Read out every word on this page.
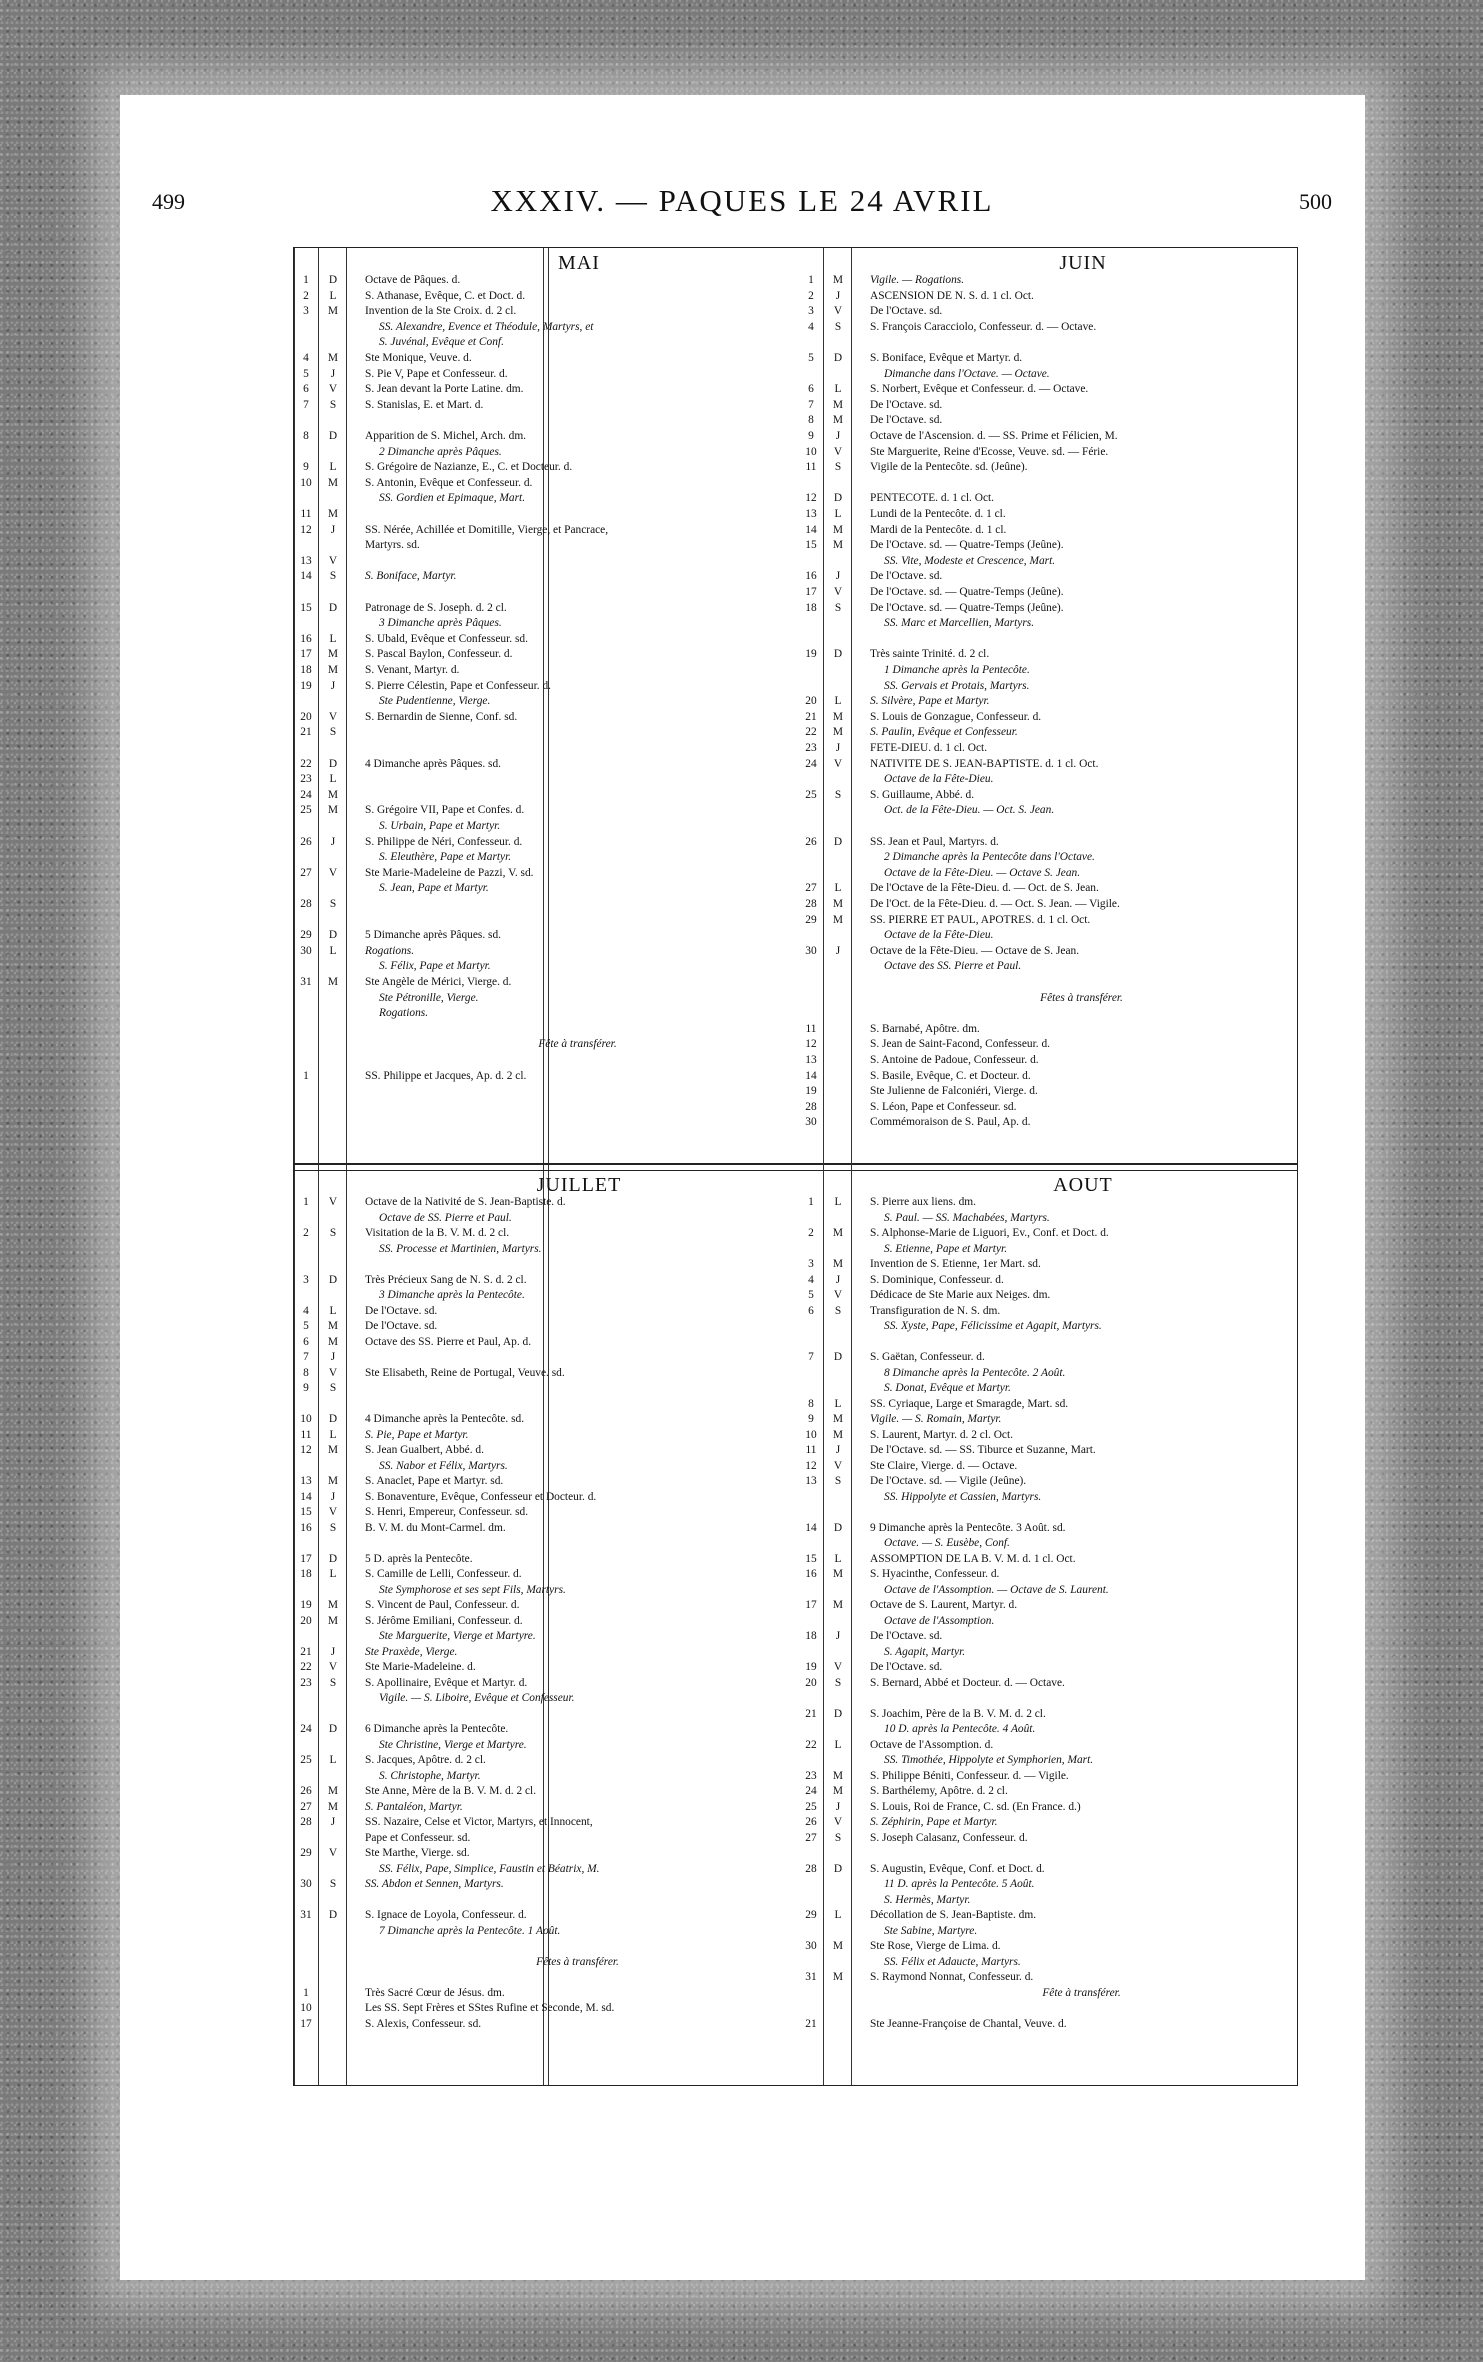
499	XXXIV. — PAQUES LE 24 AVRIL	500
MAI
1	D	Octave de Pâques. d.
2	L	S. Athanase, Évêque, C. et Doct. d.
3	M	Invention de la Ste Croix. d. 2 cl.
SS. Alexandre, Evence et Théodule, Martyrs, et
S. Juvénal, Évêque et Conf.
4	M	Ste Monique, Veuve. d.
5	J	S. Pie V, Pape et Confesseur. d.
6	V	S. Jean devant la Porte Latine. dm.
7	S	S. Stanislas, É. et Mart. d.
8	D	Apparition de S. Michel, Arch. dm.
2 Dimanche après Pâques.
9	L	S. Grégoire de Nazianze, É., C. et Docteur. d.
10	M	S. Antonin, Évêque et Confesseur. d.
SS. Gordien et Épimaque, Mart.
11	M
12	J	SS. Nérée, Achillée et Domitille, Vierge, et Pancrace,
Martyrs. sd.
13	V
14	S	S. Boniface, Martyr.
15	D	Patronage de S. Joseph. d. 2 cl.
3 Dimanche après Pâques.
16	L	S. Ubald, Évêque et Confesseur. sd.
17	M	S. Pascal Baylon, Confesseur. d.
18	M	S. Venant, Martyr. d.
19	J	S. Pierre Célestin, Pape et Confesseur. d.
Ste Pudentienne, Vierge.
20	V	S. Bernardin de Sienne, Conf. sd.
21	S
22	D	4 Dimanche après Pâques. sd.
23	L
24	M
25	M	S. Grégoire VII, Pape et Confes. d.
S. Urbain, Pape et Martyr.
26	J	S. Philippe de Néri, Confesseur. d.
S. Éleuthère, Pape et Martyr.
27	V	Ste Marie-Madeleine de Pazzi, V. sd.
S. Jean, Pape et Martyr.
28	S
29	D	5 Dimanche après Pâques. sd.
30	L	Rogations.
S. Félix, Pape et Martyr.
31	M	Ste Angèle de Mérici, Vierge. d.
Ste Pétronille, Vierge.
Rogations.
Fête à transférer.
1	SS. Philippe et Jacques, Ap. d. 2 cl.
JUIN
1	M	Vigile. — Rogations.
2	J	ASCENSION DE N. S. d. 1 cl. Oct.
3	V	De l'Octave. sd.
4	S	S. François Caracciolo, Confesseur. d. — Octave.
5	D	S. Boniface, Évêque et Martyr. d.
Dimanche dans l'Octave. — Octave.
6	L	S. Norbert, Évêque et Confesseur. d. — Octave.
7	M	De l'Octave. sd.
8	M	De l'Octave. sd.
9	J	Octave de l'Ascension. d. — SS. Prime et Félicien, M.
10	V	Ste Marguerite, Reine d'Écosse, Veuve. sd. — Férie.
11	S	Vigile de la Pentecôte. sd. (Jeûne).
12	D	PENTECÔTE. d. 1 cl. Oct.
13	L	Lundi de la Pentecôte. d. 1 cl.
14	M	Mardi de la Pentecôte. d. 1 cl.
15	M	De l'Octave. sd. — Quatre-Temps (Jeûne).
SS. Vite, Modeste et Crescence, Mart.
16	J	De l'Octave. sd.
17	V	De l'Octave. sd. — Quatre-Temps (Jeûne).
18	S	De l'Octave. sd. — Quatre-Temps (Jeûne).
SS. Marc et Marcellien, Martyrs.
19	D	Très sainte Trinité. d. 2 cl.
1 Dimanche après la Pentecôte.
SS. Gervais et Protais, Martyrs.
20	L	S. Silvère, Pape et Martyr.
21	M	S. Louis de Gonzague, Confesseur. d.
22	M	S. Paulin, Évêque et Confesseur.
23	J	FÊTE-DIEU. d. 1 cl. Oct.
24	V	NATIVITÉ DE S. JEAN-BAPTISTE. d. 1 cl. Oct.
Octave de la Fête-Dieu.
25	S	S. Guillaume, Abbé. d.
Oct. de la Fête-Dieu. — Oct. S. Jean.
26	D	SS. Jean et Paul, Martyrs. d.
2 Dimanche après la Pentecôte dans l'Octave.
Octave de la Fête-Dieu. — Octave S. Jean.
27	L	De l'Octave de la Fête-Dieu. d. — Oct. de S. Jean.
28	M	De l'Oct. de la Fête-Dieu. d. — Oct. S. Jean. — Vigile.
29	M	SS. PIERRE ET PAUL, APOTRES. d. 1 cl. Oct.
Octave de la Fête-Dieu.
30	J	Octave de la Fête-Dieu. — Octave de S. Jean.
Octave des SS. Pierre et Paul.
Fêtes à transférer.
11	S. Barnabé, Apôtre. dm.
12	S. Jean de Saint-Facond, Confesseur. d.
13	S. Antoine de Padoue, Confesseur. d.
14	S. Basile, Évêque, C. et Docteur. d.
19	Ste Julienne de Falconiéri, Vierge. d.
28	S. Léon, Pape et Confesseur. sd.
30	Commémoraison de S. Paul, Ap. d.
JUILLET
1	V	Octave de la Nativité de S. Jean-Baptiste. d.
Octave de SS. Pierre et Paul.
2	S	Visitation de la B. V. M. d. 2 cl.
SS. Processe et Martinien, Martyrs.
3	D	Très Précieux Sang de N. S. d. 2 cl.
3 Dimanche après la Pentecôte.
4	L	De l'Octave. sd.
5	M	De l'Octave. sd.
6	M	Octave des SS. Pierre et Paul, Ap. d.
7	J
8	V	Ste Élisabeth, Reine de Portugal, Veuve. sd.
9	S
10	D	4 Dimanche après la Pentecôte. sd.
11	L	S. Pie, Pape et Martyr.
12	M	S. Jean Gualbert, Abbé. d.
SS. Nabor et Félix, Martyrs.
13	M	S. Anaclet, Pape et Martyr. sd.
14	J	S. Bonaventure, Évêque, Confesseur et Docteur. d.
15	V	S. Henri, Empereur, Confesseur. sd.
16	S	B. V. M. du Mont-Carmel. dm.
17	D	5 D. après la Pentecôte.
18	L	S. Camille de Lelli, Confesseur. d.
Ste Symphorose et ses sept Fils, Martyrs.
19	M	S. Vincent de Paul, Confesseur. d.
20	M	S. Jérôme Émiliani, Confesseur. d.
Ste Marguerite, Vierge et Martyre.
21	J	Ste Praxède, Vierge.
22	V	Ste Marie-Madeleine. d.
23	S	S. Apollinaire, Évêque et Martyr. d.
Vigile. — S. Liboire, Évêque et Confesseur.
24	D	6 Dimanche après la Pentecôte.
Ste Christine, Vierge et Martyre.
25	L	S. Jacques, Apôtre. d. 2 cl.
S. Christophe, Martyr.
26	M	Ste Anne, Mère de la B. V. M. d. 2 cl.
27	M	S. Pantaléon, Martyr.
28	J	SS. Nazaire, Celse et Victor, Martyrs, et Innocent,
Pape et Confesseur. sd.
29	V	Ste Marthe, Vierge. sd.
SS. Félix, Pape, Simplice, Faustin et Béatrix, M.
30	S	SS. Abdon et Sennen, Martyrs.
31	D	S. Ignace de Loyola, Confesseur. d.
7 Dimanche après la Pentecôte. 1 Août.
Fêtes à transférer.
1	Très Sacré Cœur de Jésus. dm.
10	Les SS. Sept Frères et SStes Rufine et Seconde, M. sd.
17	S. Alexis, Confesseur. sd.
AOUT
1	L	S. Pierre aux liens. dm.
S. Paul. — SS. Machabées, Martyrs.
2	M	S. Alphonse-Marie de Liguori, Év., Conf. et Doct. d.
S. Étienne, Pape et Martyr.
3	M	Invention de S. Étienne, 1er Mart. sd.
4	J	S. Dominique, Confesseur. d.
5	V	Dédicace de Ste Marie aux Neiges. dm.
6	S	Transfiguration de N. S. dm.
SS. Xyste, Pape, Félicissime et Agapit, Martyrs.
7	D	S. Gaëtan, Confesseur. d.
8 Dimanche après la Pentecôte. 2 Août.
S. Donat, Évêque et Martyr.
8	L	SS. Cyriaque, Large et Smaragde, Mart. sd.
9	M	Vigile. — S. Romain, Martyr.
10	M	S. Laurent, Martyr. d. 2 cl. Oct.
11	J	De l'Octave. sd. — SS. Tiburce et Suzanne, Mart.
12	V	Ste Claire, Vierge. d. — Octave.
13	S	De l'Octave. sd. — Vigile (Jeûne).
SS. Hippolyte et Cassien, Martyrs.
14	D	9 Dimanche après la Pentecôte. 3 Août. sd.
Octave. — S. Eusèbe, Conf.
15	L	ASSOMPTION DE LA B. V. M. d. 1 cl. Oct.
16	M	S. Hyacinthe, Confesseur. d.
Octave de l'Assomption. — Octave de S. Laurent.
17	M	Octave de S. Laurent, Martyr. d.
Octave de l'Assomption.
18	J	De l'Octave. sd.
S. Agapit, Martyr.
19	V	De l'Octave. sd.
20	S	S. Bernard, Abbé et Docteur. d. — Octave.
21	D	S. Joachim, Père de la B. V. M. d. 2 cl.
10 D. après la Pentecôte. 4 Août.
22	L	Octave de l'Assomption. d.
SS. Timothée, Hippolyte et Symphorien, Mart.
23	M	S. Philippe Béniti, Confesseur. d. — Vigile.
24	M	S. Barthélemy, Apôtre. d. 2 cl.
25	J	S. Louis, Roi de France, C. sd. (En France. d.)
26	V	S. Zéphirin, Pape et Martyr.
27	S	S. Joseph Calasanz, Confesseur. d.
28	D	S. Augustin, Évêque, Conf. et Doct. d.
11 D. après la Pentecôte. 5 Août.
S. Hermès, Martyr.
29	L	Décollation de S. Jean-Baptiste. dm.
Ste Sabine, Martyre.
30	M	Ste Rose, Vierge de Lima. d.
SS. Félix et Adaucte, Martyrs.
31	M	S. Raymond Nonnat, Confesseur. d.
Fête à transférer.
21	Ste Jeanne-Françoise de Chantal, Veuve. d.
